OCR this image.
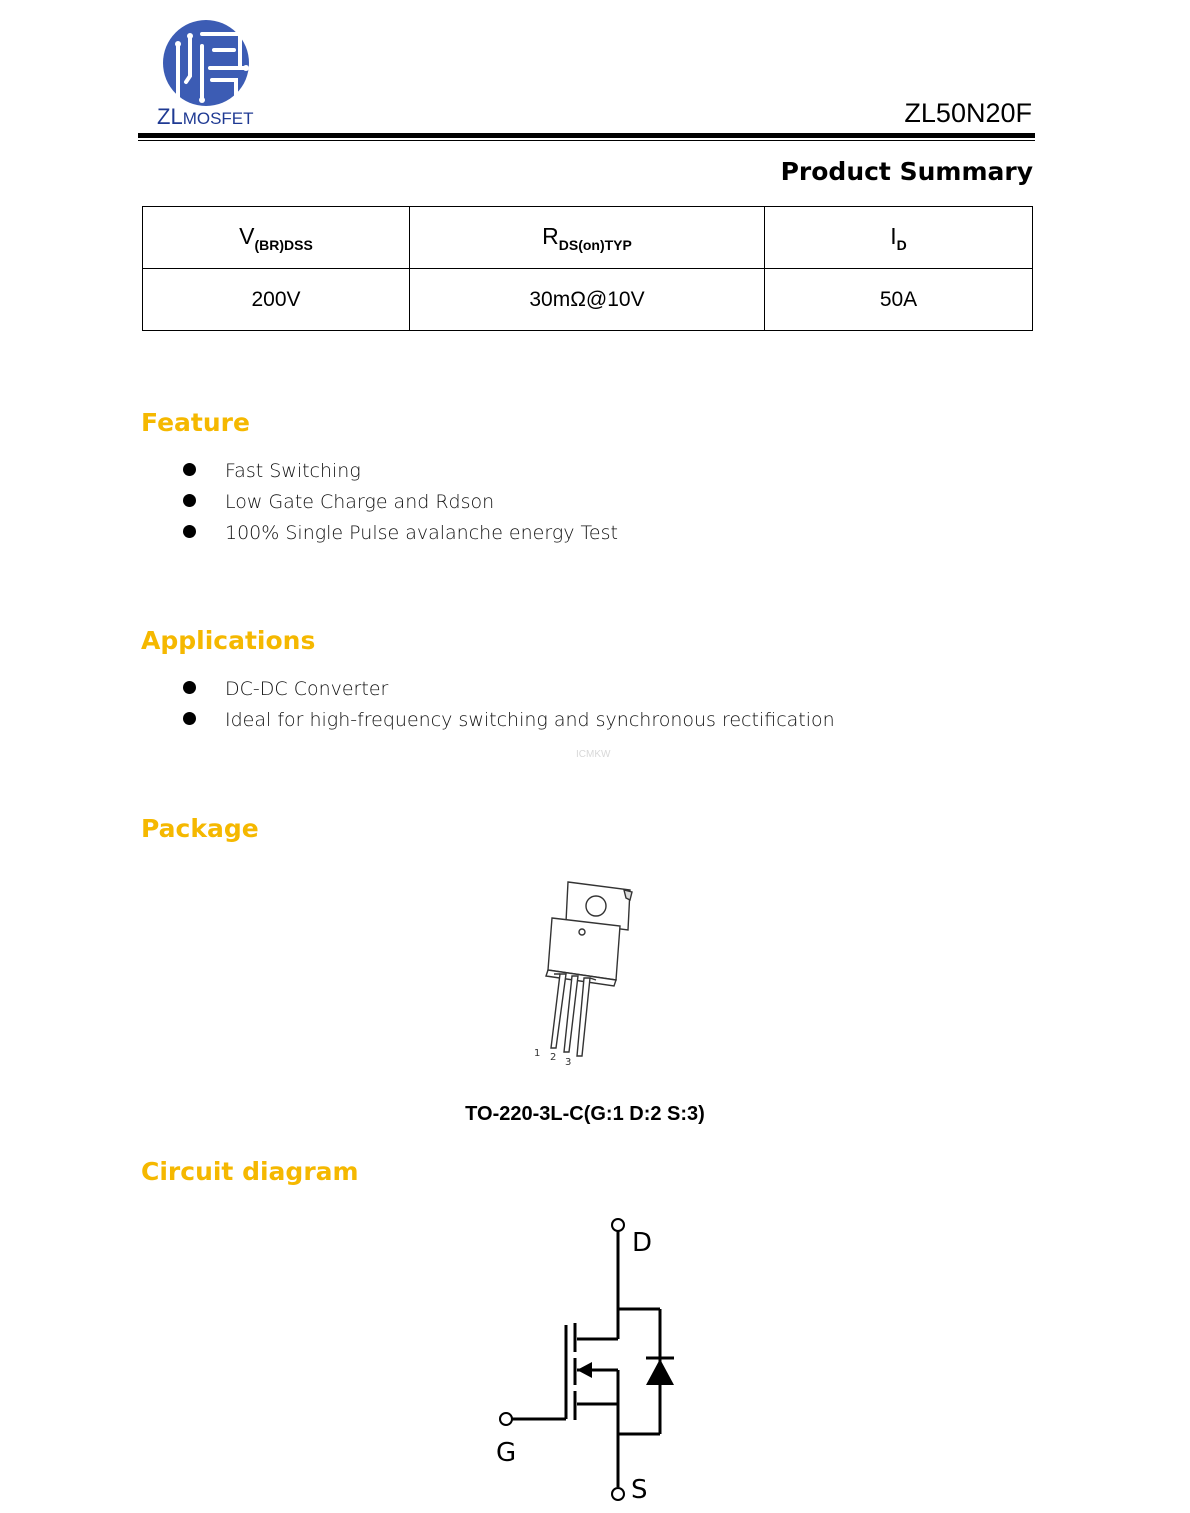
ZLMOSFET	ZL50N20F
Product Summary
$V_{(BR)DSS}$	$R_{DS(on)TYP}$	$I_D$
200V	30mΩ@10V	50A
Feature
Fast Switching
Low Gate Charge and Rdson
100% Single Pulse avalanche energy Test
Applications
DC-DC Converter
Ideal for high-frequency switching and synchronous rectification
ICMKW
Package
1 2 3
TO-220-3L-C(G:1 D:2 S:3)
Circuit diagram
D
G
S
